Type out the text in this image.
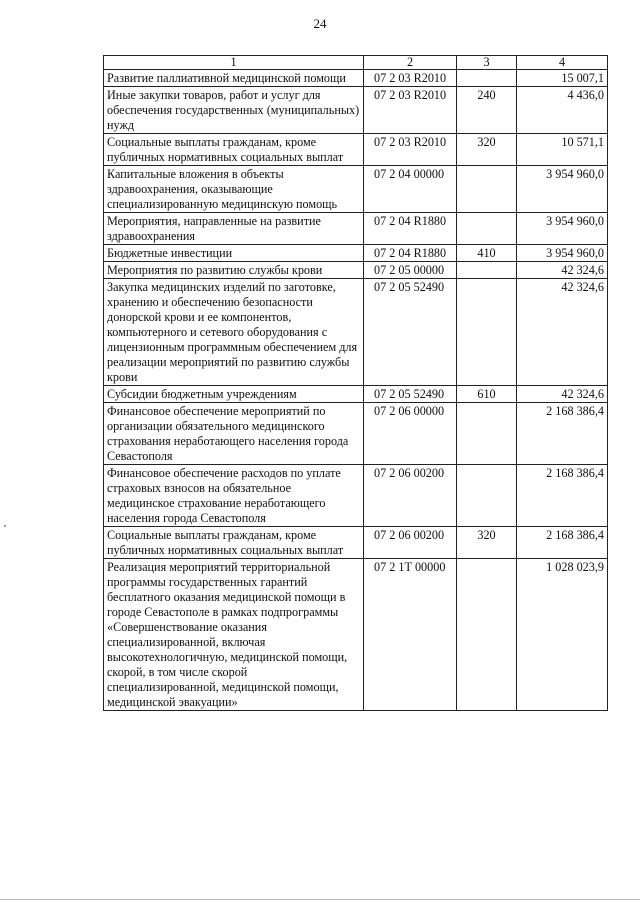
24
1	2	3	4
Развитие паллиативной медицинской помощи	07 2 03 R2010		15 007,1
Иные закупки товаров, работ и услуг для обеспечения государственных (муниципальных) нужд	07 2 03 R2010	240	4 436,0
Социальные выплаты гражданам, кроме публичных нормативных социальных выплат	07 2 03 R2010	320	10 571,1
Капитальные вложения в объекты здравоохранения, оказывающие специализированную медицинскую помощь	07 2 04 00000		3 954 960,0
Мероприятия, направленные на развитие здравоохранения	07 2 04 R1880		3 954 960,0
Бюджетные инвестиции	07 2 04 R1880	410	3 954 960,0
Мероприятия по развитию службы крови	07 2 05 00000		42 324,6
Закупка медицинских изделий по заготовке, хранению и обеспечению безопасности донорской крови и ее компонентов, компьютерного и сетевого оборудования с лицензионным программным обеспечением для реализации мероприятий по развитию службы крови	07 2 05 52490		42 324,6
Субсидии бюджетным учреждениям	07 2 05 52490	610	42 324,6
Финансовое обеспечение мероприятий по организации обязательного медицинского страхования неработающего населения города Севастополя	07 2 06 00000		2 168 386,4
Финансовое обеспечение расходов по уплате страховых взносов на обязательное медицинское страхование неработающего населения города Севастополя	07 2 06 00200		2 168 386,4
Социальные выплаты гражданам, кроме публичных нормативных социальных выплат	07 2 06 00200	320	2 168 386,4
Реализация мероприятий территориальной программы государственных гарантий бесплатного оказания медицинской помощи в городе Севастополе в рамках подпрограммы «Совершенствование оказания специализированной, включая высокотехнологичную, медицинской помощи, скорой, в том числе скорой специализированной, медицинской помощи, медицинской эвакуации»	07 2 1Т 00000		1 028 023,9
